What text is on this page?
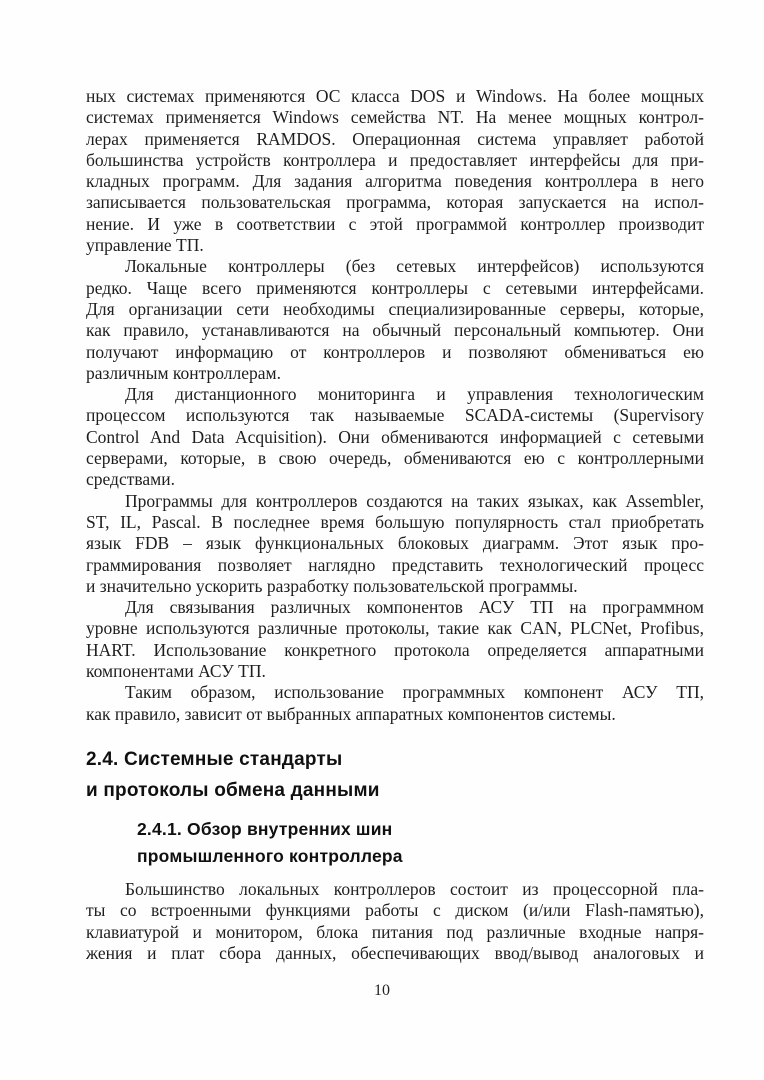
ных системах применяются ОС класса DOS и Windows. На более мощных
системах применяется Windows семейства NT. На менее мощных контрол-
лерах применяется RAMDOS. Операционная система управляет работой
большинства устройств контроллера и предоставляет интерфейсы для при-
кладных программ. Для задания алгоритма поведения контроллера в него
записывается пользовательская программа, которая запускается на испол-
нение. И уже в соответствии с этой программой контроллер производит
управление ТП.
Локальные контроллеры (без сетевых интерфейсов) используются
редко. Чаще всего применяются контроллеры с сетевыми интерфейсами.
Для организации сети необходимы специализированные серверы, которые,
как правило, устанавливаются на обычный персональный компьютер. Они
получают информацию от контроллеров и позволяют обмениваться ею
различным контроллерам.
Для дистанционного мониторинга и управления технологическим
процессом используются так называемые SCADA-системы (Supervisory
Control And Data Acquisition). Они обмениваются информацией с сетевыми
серверами, которые, в свою очередь, обмениваются ею с контроллерными
средствами.
Программы для контроллеров создаются на таких языках, как Assembler,
ST, IL, Pascal. В последнее время большую популярность стал приобретать
язык FDB – язык функциональных блоковых диаграмм. Этот язык про-
граммирования позволяет наглядно представить технологический процесс
и значительно ускорить разработку пользовательской программы.
Для связывания различных компонентов АСУ ТП на программном
уровне используются различные протоколы, такие как CAN, PLCNet, Profibus,
HART. Использование конкретного протокола определяется аппаратными
компонентами АСУ ТП.
Таким образом, использование программных компонент АСУ ТП,
как правило, зависит от выбранных аппаратных компонентов системы.
2.4. Системные стандарты
и протоколы обмена данными
2.4.1. Обзор внутренних шин
промышленного контроллера
Большинство локальных контроллеров состоит из процессорной пла-
ты со встроенными функциями работы с диском (и/или Flash-памятью),
клавиатурой и монитором, блока питания под различные входные напря-
жения и плат сбора данных, обеспечивающих ввод/вывод аналоговых и
10
